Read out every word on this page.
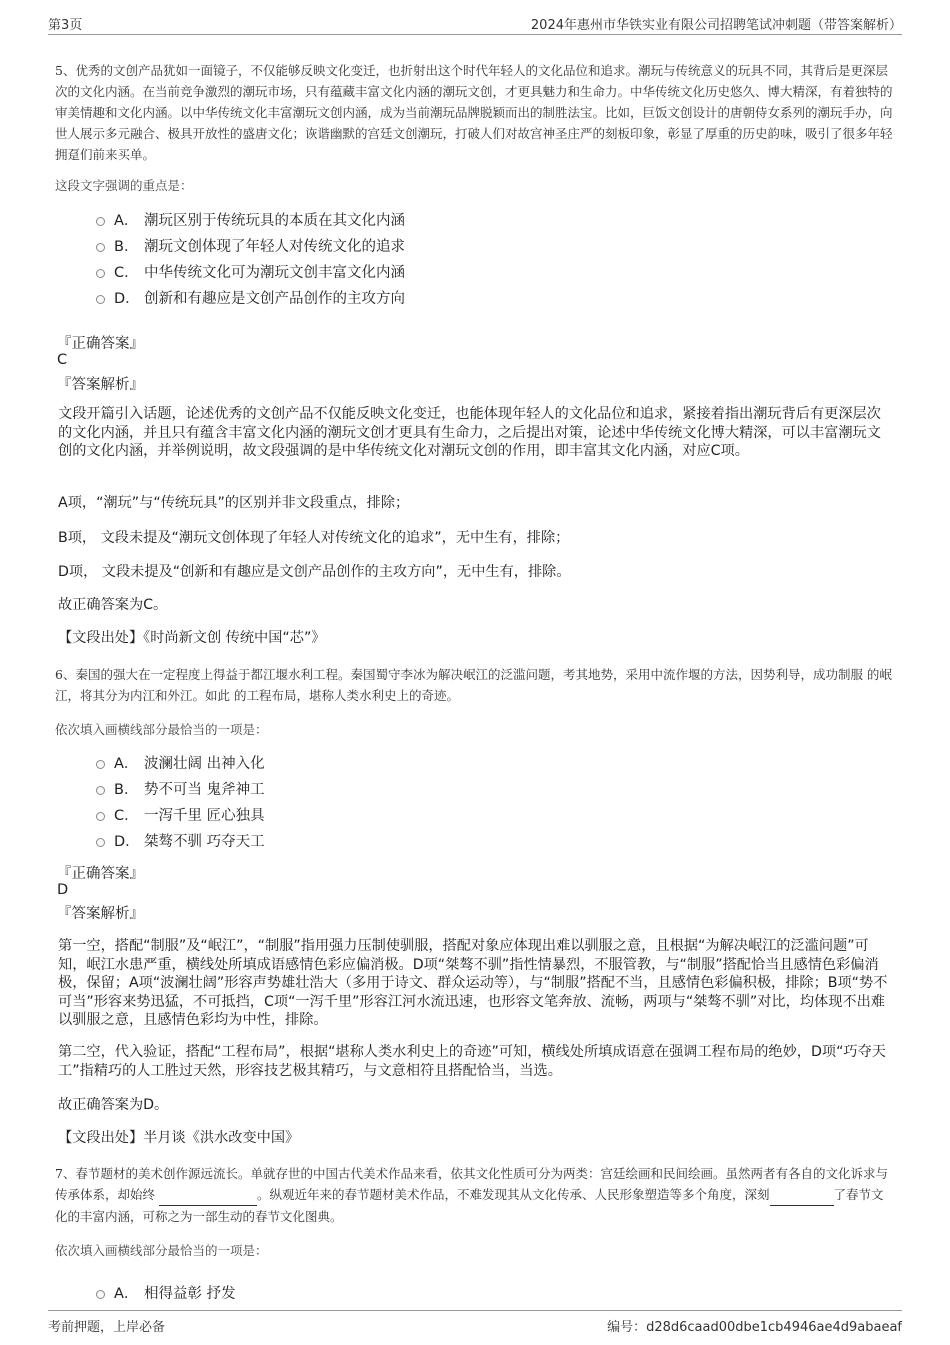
第3页	2024年惠州市华铁实业有限公司招聘笔试冲刺题（带答案解析）
5、优秀的文创产品犹如一面镜子，不仅能够反映文化变迁，也折射出这个时代年轻人的文化品位和追求。潮玩与传统意义的玩具不同，其背后是更深层次的文化内涵。在当前竞争激烈的潮玩市场，只有蕴藏丰富文化内涵的潮玩文创，才更具魅力和生命力。中华传统文化历史悠久、博大精深，有着独特的审美情趣和文化内涵。以中华传统文化丰富潮玩文创内涵，成为当前潮玩品牌脱颖而出的制胜法宝。比如，巨饭文创设计的唐朝侍女系列的潮玩手办，向世人展示多元融合、极具开放性的盛唐文化；诙谐幽默的宫廷文创潮玩，打破人们对故宫神圣庄严的刻板印象，彰显了厚重的历史韵味，吸引了很多年轻拥趸们前来买单。
这段文字强调的重点是：
A． 潮玩区别于传统玩具的本质在其文化内涵
B． 潮玩文创体现了年轻人对传统文化的追求
C． 中华传统文化可为潮玩文创丰富文化内涵
D． 创新和有趣应是文创产品创作的主攻方向
『正确答案』
C
『答案解析』
文段开篇引入话题，论述优秀的文创产品不仅能反映文化变迁，也能体现年轻人的文化品位和追求，紧接着指出潮玩背后有更深层次的文化内涵，并且只有蕴含丰富文化内涵的潮玩文创才更具有生命力，之后提出对策，论述中华传统文化博大精深，可以丰富潮玩文创的文化内涵，并举例说明，故文段强调的是中华传统文化对潮玩文创的作用，即丰富其文化内涵，对应C项。
A项，“潮玩”与“传统玩具”的区别并非文段重点，排除；
B项， 文段未提及“潮玩文创体现了年轻人对传统文化的追求”，无中生有，排除；
D项， 文段未提及“创新和有趣应是文创产品创作的主攻方向”，无中生有，排除。
故正确答案为C。
【文段出处】《时尚新文创 传统中国“芯”》
6、秦国的强大在一定程度上得益于都江堰水利工程。秦国蜀守李冰为解决岷江的泛滥问题，考其地势，采用中流作堰的方法，因势利导，成功制服 的岷江，将其分为内江和外江。如此 的工程布局，堪称人类水利史上的奇迹。
依次填入画横线部分最恰当的一项是：
A． 波澜壮阔 出神入化
B． 势不可当 鬼斧神工
C． 一泻千里 匠心独具
D． 桀骜不驯 巧夺天工
『正确答案』
D
『答案解析』
第一空，搭配“制服”及“岷江”，“制服”指用强力压制使驯服，搭配对象应体现出难以驯服之意，且根据“为解决岷江的泛滥问题”可知，岷江水患严重，横线处所填成语感情色彩应偏消极。D项“桀骜不驯”指性情暴烈，不服管教，与“制服”搭配恰当且感情色彩偏消极，保留；A项“波澜壮阔”形容声势雄壮浩大（多用于诗文、群众运动等），与“制服”搭配不当，且感情色彩偏积极，排除；B项“势不可当”形容来势迅猛，不可抵挡，C项“一泻千里”形容江河水流迅速，也形容文笔奔放、流畅，两项与“桀骜不驯”对比，均体现不出难以驯服之意，且感情色彩均为中性，排除。
第二空，代入验证，搭配“工程布局”，根据“堪称人类水利史上的奇迹”可知，横线处所填成语意在强调工程布局的绝妙，D项“巧夺天工”指精巧的人工胜过天然，形容技艺极其精巧，与文意相符且搭配恰当，当选。
故正确答案为D。
【文段出处】半月谈《洪水改变中国》
7、春节题材的美术创作源远流长。单就存世的中国古代美术作品来看，依其文化性质可分为两类：宫廷绘画和民间绘画。虽然两者有各自的文化诉求与传承体系，却始终	。纵观近年来的春节题材美术作品，不难发现其从文化传承、人民形象塑造等多个角度，深刻	了春节文化的丰富内涵，可称之为一部生动的春节文化图典。
依次填入画横线部分最恰当的一项是：
A． 相得益彰 抒发
考前押题，上岸必备	编号：d28d6caad00dbe1cb4946ae4d9abaeaf
